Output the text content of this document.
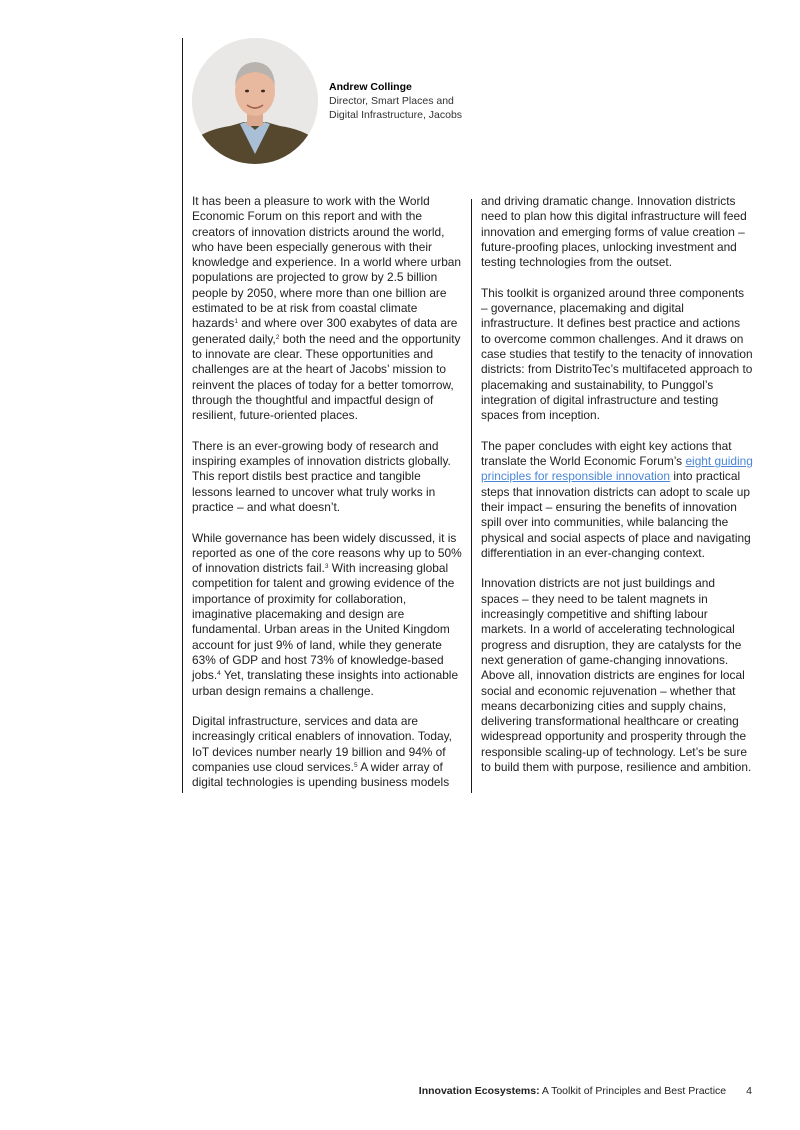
Andrew Collinge
Director, Smart Places and
Digital Infrastructure, Jacobs

It has been a pleasure to work with the World Economic Forum on this report and with the creators of innovation districts around the world, who have been especially generous with their knowledge and experience. In a world where urban populations are projected to grow by 2.5 billion people by 2050, where more than one billion are estimated to be at risk from coastal climate hazards$^1$ and where over 300 exabytes of data are generated daily,$^2$ both the need and the opportunity to innovate are clear. These opportunities and challenges are at the heart of Jacobs’ mission to reinvent the places of today for a better tomorrow, through the thoughtful and impactful design of resilient, future-oriented places.

There is an ever-growing body of research and inspiring examples of innovation districts globally. This report distils best practice and tangible lessons learned to uncover what truly works in practice – and what doesn’t.

While governance has been widely discussed, it is reported as one of the core reasons why up to 50% of innovation districts fail.$^3$ With increasing global competition for talent and growing evidence of the importance of proximity for collaboration, imaginative placemaking and design are fundamental. Urban areas in the United Kingdom account for just 9% of land, while they generate 63% of GDP and host 73% of knowledge-based jobs.$^4$ Yet, translating these insights into actionable urban design remains a challenge.

Digital infrastructure, services and data are increasingly critical enablers of innovation. Today, IoT devices number nearly 19 billion and 94% of companies use cloud services.$^5$ A wider array of digital technologies is upending business models

and driving dramatic change. Innovation districts need to plan how this digital infrastructure will feed innovation and emerging forms of value creation – future-proofing places, unlocking investment and testing technologies from the outset.

This toolkit is organized around three components – governance, placemaking and digital infrastructure. It defines best practice and actions to overcome common challenges. And it draws on case studies that testify to the tenacity of innovation districts: from DistritoTec’s multifaceted approach to placemaking and sustainability, to Punggol’s integration of digital infrastructure and testing spaces from inception.

The paper concludes with eight key actions that translate the World Economic Forum’s eight guiding principles for responsible innovation into practical steps that innovation districts can adopt to scale up their impact – ensuring the benefits of innovation spill over into communities, while balancing the physical and social aspects of place and navigating differentiation in an ever-changing context.

Innovation districts are not just buildings and spaces – they need to be talent magnets in increasingly competitive and shifting labour markets. In a world of accelerating technological progress and disruption, they are catalysts for the next generation of game-changing innovations. Above all, innovation districts are engines for local social and economic rejuvenation – whether that means decarbonizing cities and supply chains, delivering transformational healthcare or creating widespread opportunity and prosperity through the responsible scaling-up of technology. Let’s be sure to build them with purpose, resilience and ambition.

Innovation Ecosystems: A Toolkit of Principles and Best Practice 4
